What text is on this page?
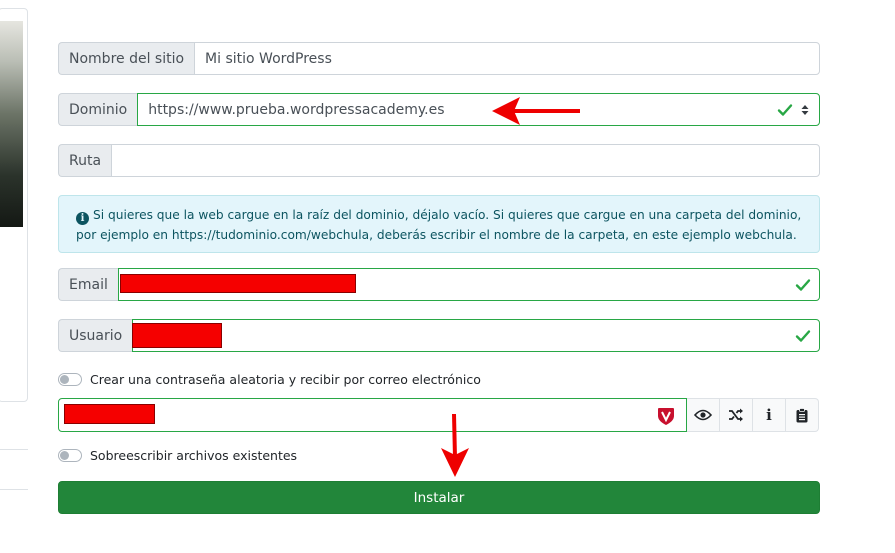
Nombre del sitio	Mi sitio WordPress
Dominio	https://www.prueba.wordpressacademy.es
Ruta
i Si quieres que la web cargue en la raíz del dominio, déjalo vacío. Si quieres que cargue en una carpeta del dominio,
por ejemplo en https://tudominio.com/webchula, deberás escribir el nombre de la carpeta, en este ejemplo webchula.
Email
Usuario
Crear una contraseña aleatoria y recibir por correo electrónico
i
Sobreescribir archivos existentes
Instalar
